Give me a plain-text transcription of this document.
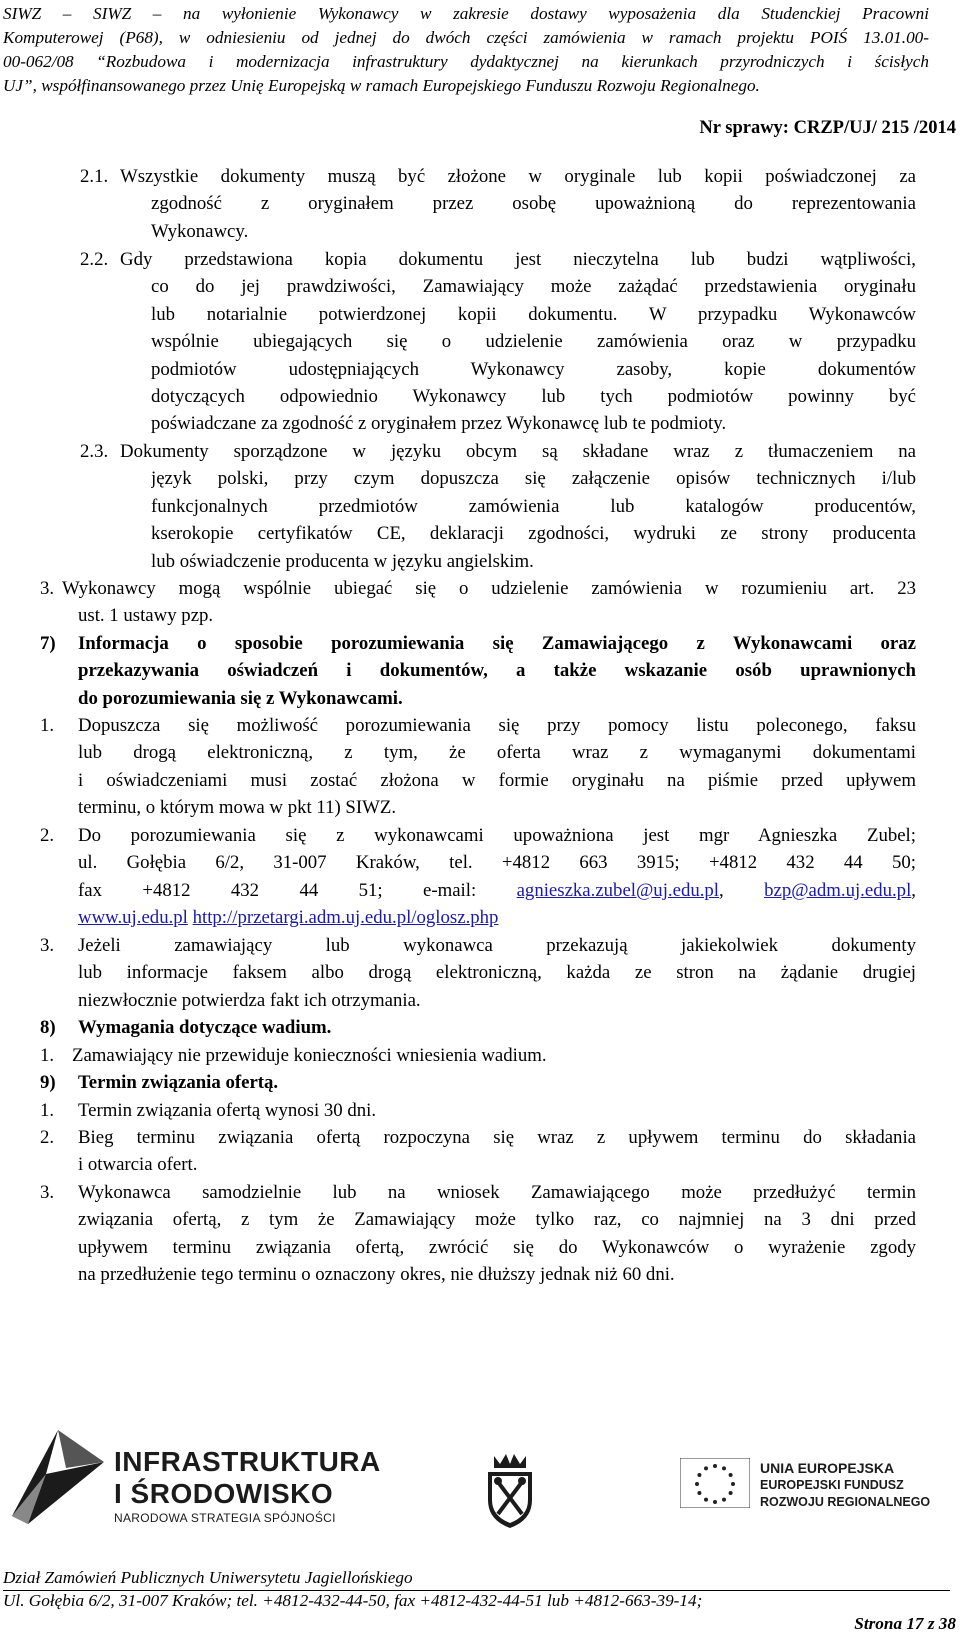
SIWZ – SIWZ – na wyłonienie Wykonawcy w zakresie dostawy wyposażenia dla Studenckiej Pracowni
Komputerowej (P68), w odniesieniu od jednej do dwóch części zamówienia w ramach projektu POIŚ 13.01.00-
00-062/08 “Rozbudowa i modernizacja infrastruktury dydaktycznej na kierunkach przyrodniczych i ścisłych
UJ”, współfinansowanego przez Unię Europejską w ramach Europejskiego Funduszu Rozwoju Regionalnego.
Nr sprawy: CRZP/UJ/ 215 /2014
2.1. Wszystkie dokumenty muszą być złożone w oryginale lub kopii poświadczonej za
zgodność z oryginałem przez osobę upoważnioną do reprezentowania
Wykonawcy.
2.2. Gdy przedstawiona kopia dokumentu jest nieczytelna lub budzi wątpliwości,
co do jej prawdziwości, Zamawiający może zażądać przedstawienia oryginału
lub notarialnie potwierdzonej kopii dokumentu. W przypadku Wykonawców
wspólnie ubiegających się o udzielenie zamówienia oraz w przypadku
podmiotów udostępniających Wykonawcy zasoby, kopie dokumentów
dotyczących odpowiednio Wykonawcy lub tych podmiotów powinny być
poświadczane za zgodność z oryginałem przez Wykonawcę lub te podmioty.
2.3. Dokumenty sporządzone w języku obcym są składane wraz z tłumaczeniem na
język polski, przy czym dopuszcza się załączenie opisów technicznych i/lub
funkcjonalnych przedmiotów zamówienia lub katalogów producentów,
kserokopie certyfikatów CE, deklaracji zgodności, wydruki ze strony producenta
lub oświadczenie producenta w języku angielskim.
3. Wykonawcy mogą wspólnie ubiegać się o udzielenie zamówienia w rozumieniu art. 23
ust. 1 ustawy pzp.
7) Informacja o sposobie porozumiewania się Zamawiającego z Wykonawcami oraz
przekazywania oświadczeń i dokumentów, a także wskazanie osób uprawnionych
do porozumiewania się z Wykonawcami.
1. Dopuszcza się możliwość porozumiewania się przy pomocy listu poleconego, faksu
lub drogą elektroniczną, z tym, że oferta wraz z wymaganymi dokumentami
i oświadczeniami musi zostać złożona w formie oryginału na piśmie przed upływem
terminu, o którym mowa w pkt 11) SIWZ.
2. Do porozumiewania się z wykonawcami upoważniona jest mgr Agnieszka Zubel;
ul. Gołębia 6/2, 31-007 Kraków, tel. +4812 663 3915; +4812 432 44 50;
fax +4812 432 44 51; e-mail: agnieszka.zubel@uj.edu.pl, bzp@adm.uj.edu.pl,
www.uj.edu.pl http://przetargi.adm.uj.edu.pl/oglosz.php
3. Jeżeli zamawiający lub wykonawca przekazują jakiekolwiek dokumenty
lub informacje faksem albo drogą elektroniczną, każda ze stron na żądanie drugiej
niezwłocznie potwierdza fakt ich otrzymania.
8) Wymagania dotyczące wadium.
1. Zamawiający nie przewiduje konieczności wniesienia wadium.
9) Termin związania ofertą.
1. Termin związania ofertą wynosi 30 dni.
2. Bieg terminu związania ofertą rozpoczyna się wraz z upływem terminu do składania
i otwarcia ofert.
3. Wykonawca samodzielnie lub na wniosek Zamawiającego może przedłużyć termin
związania ofertą, z tym że Zamawiający może tylko raz, co najmniej na 3 dni przed
upływem terminu związania ofertą, zwrócić się do Wykonawców o wyrażenie zgody
na przedłużenie tego terminu o oznaczony okres, nie dłuższy jednak niż 60 dni.
INFRASTRUKTURA
I ŚRODOWISKO
NARODOWA STRATEGIA SPÓJNOŚCI
UNIA EUROPEJSKA
EUROPEJSKI FUNDUSZ
ROZWOJU REGIONALNEGO
Dział Zamówień Publicznych Uniwersytetu Jagiellońskiego
Ul. Gołębia 6/2, 31-007 Kraków; tel. +4812-432-44-50, fax +4812-432-44-51 lub +4812-663-39-14;
Strona 17 z 38
